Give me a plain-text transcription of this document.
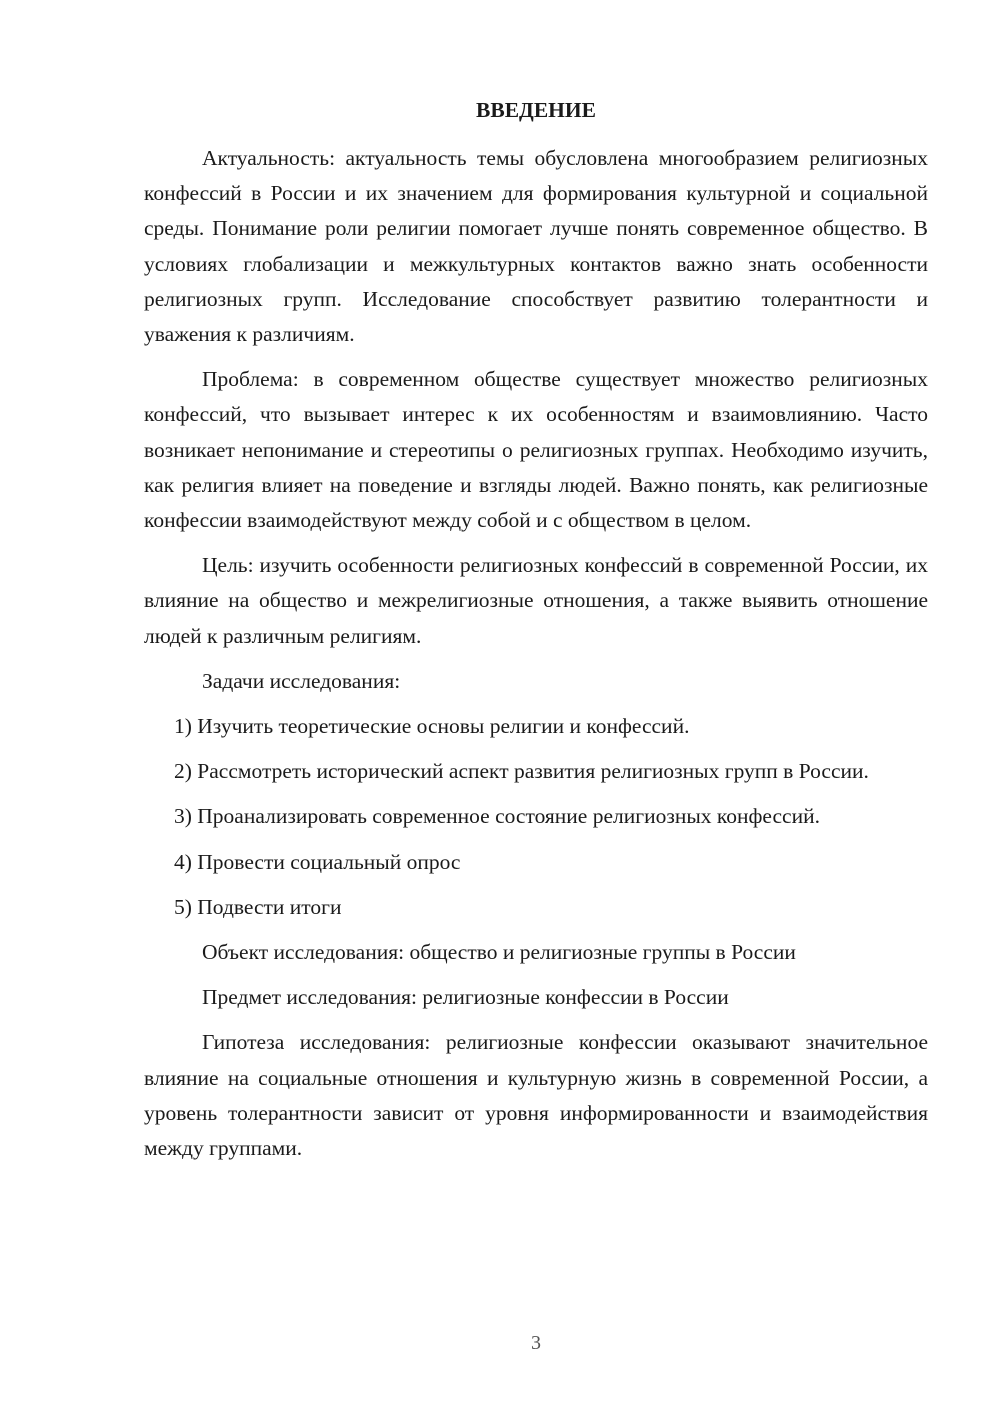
ВВЕДЕНИЕ

Актуальность: актуальность темы обусловлена многообразием религиозных конфессий в России и их значением для формирования культурной и социальной среды. Понимание роли религии помогает лучше понять современное общество. В условиях глобализации и межкультурных контактов важно знать особенности религиозных групп. Исследование способствует развитию толерантности и уважения к различиям.

Проблема: в современном обществе существует множество религиозных конфессий, что вызывает интерес к их особенностям и взаимовлиянию. Часто возникает непонимание и стереотипы о религиозных группах. Необходимо изучить, как религия влияет на поведение и взгляды людей. Важно понять, как религиозные конфессии взаимодействуют между собой и с обществом в целом.

Цель: изучить особенности религиозных конфессий в современной России, их влияние на общество и межрелигиозные отношения, а также выявить отношение людей к различным религиям.

Задачи исследования:

1) Изучить теоретические основы религии и конфессий.

2) Рассмотреть исторический аспект развития религиозных групп в России.

3) Проанализировать современное состояние религиозных конфессий.

4) Провести социальный опрос

5) Подвести итоги

Объект исследования: общество и религиозные группы в России

Предмет исследования: религиозные конфессии в России

Гипотеза исследования: религиозные конфессии оказывают значительное влияние на социальные отношения и культурную жизнь в современной России, а уровень толерантности зависит от уровня информированности и взаимодействия между группами.

3
